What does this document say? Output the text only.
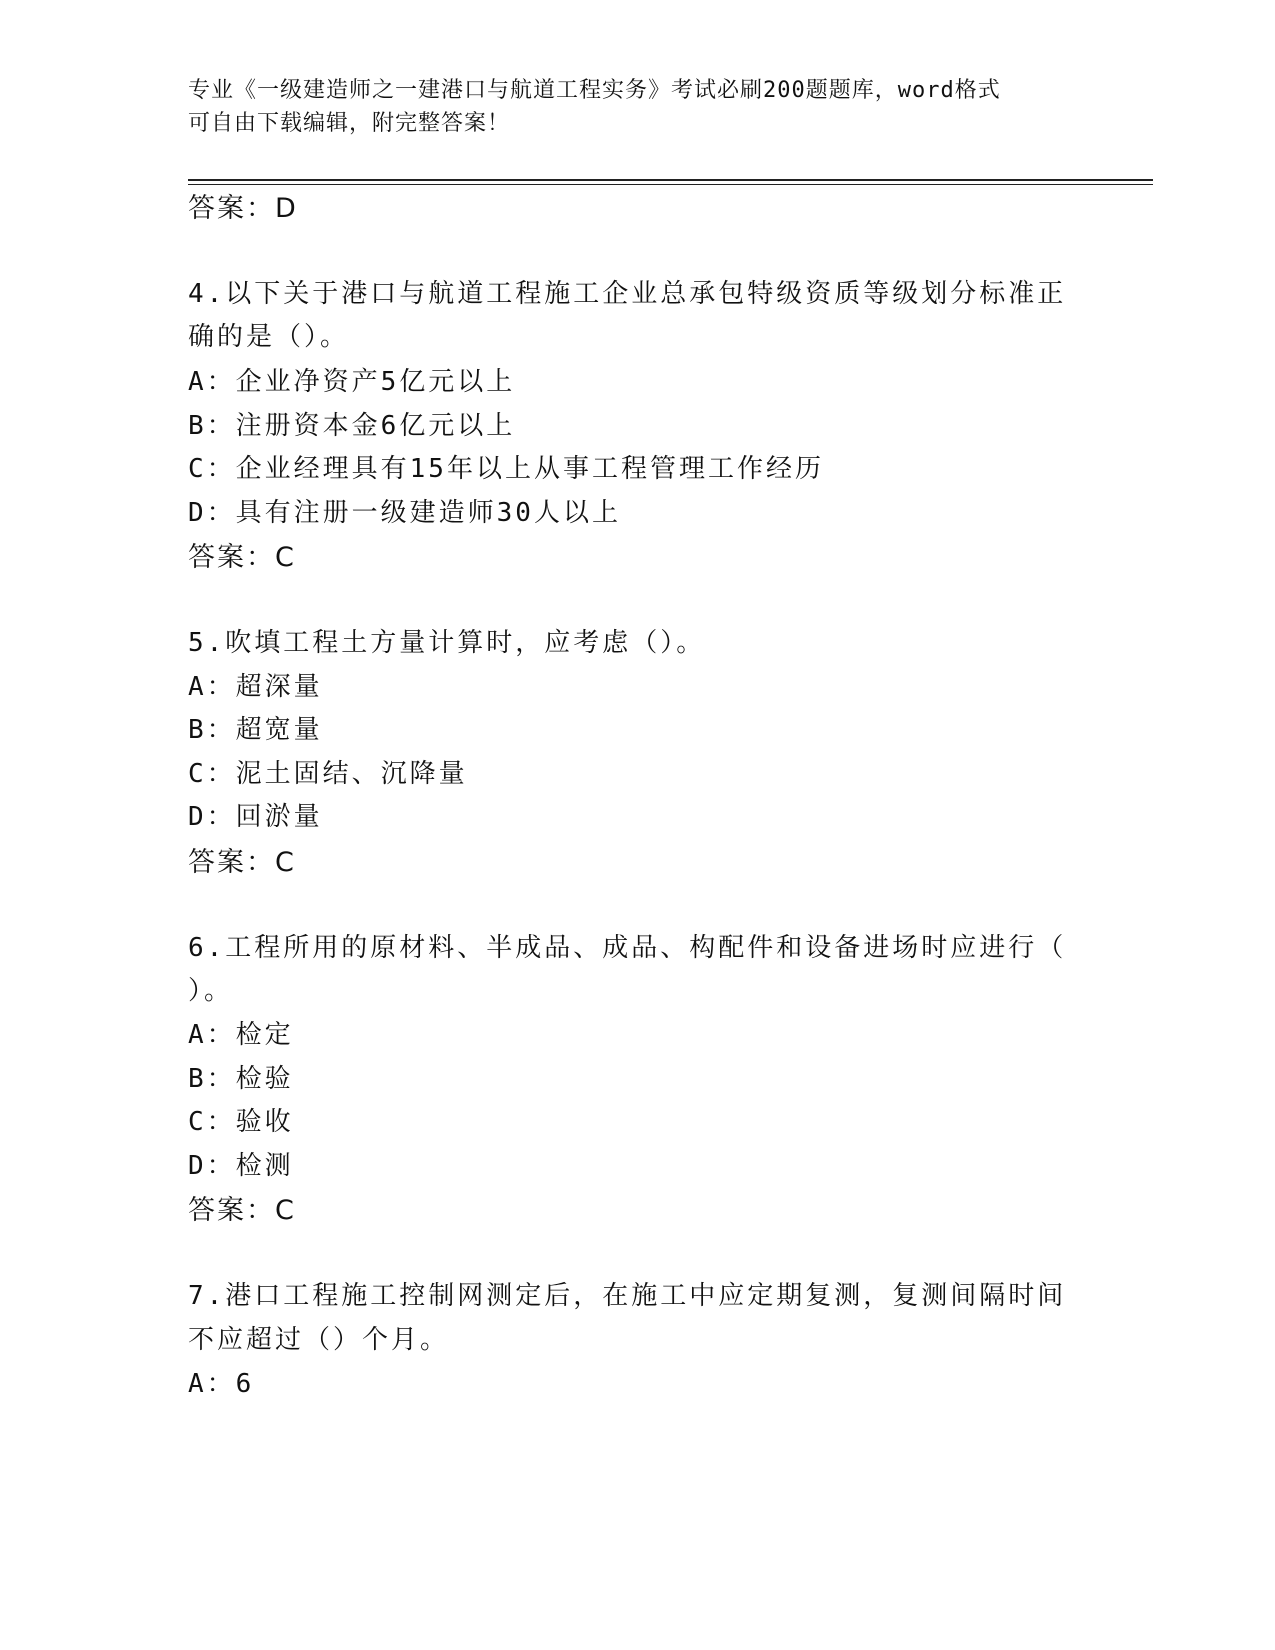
专业《一级建造师之一建港口与航道工程实务》考试必刷200题题库，word格式
可自由下载编辑，附完整答案！
答案：D
4.以下关于港口与航道工程施工企业总承包特级资质等级划分标准正
确的是（）。
A：企业净资产5亿元以上
B：注册资本金6亿元以上
C：企业经理具有15年以上从事工程管理工作经历
D：具有注册一级建造师30人以上
答案：C
5.吹填工程土方量计算时，应考虑（）。
A：超深量
B：超宽量
C：泥土固结、沉降量
D：回淤量
答案：C
6.工程所用的原材料、半成品、成品、构配件和设备进场时应进行（
）。
A：检定
B：检验
C：验收
D：检测
答案：C
7.港口工程施工控制网测定后，在施工中应定期复测，复测间隔时间
不应超过（）个月。
A：6
